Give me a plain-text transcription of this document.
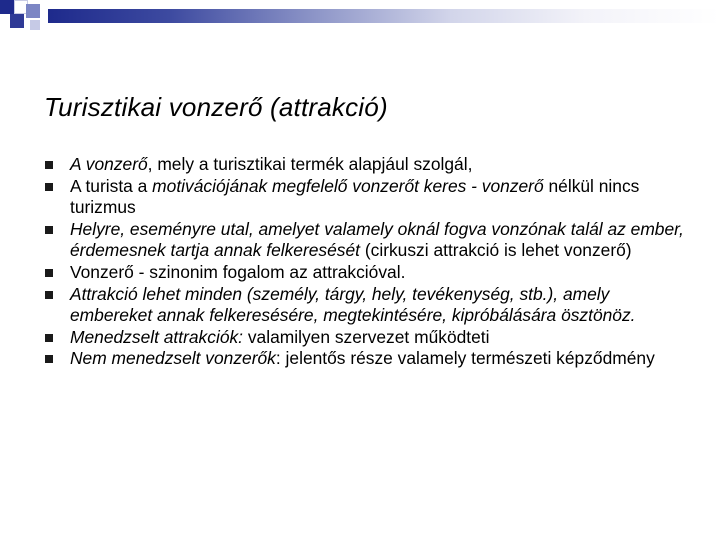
Turisztikai vonzerő (attrakció)
A vonzerő, mely a turisztikai termék alapjául szolgál,
A turista a motivációjának megfelelő vonzerőt keres - vonzerő nélkül nincs turizmus
Helyre, eseményre utal, amelyet valamely oknál fogva vonzónak talál az ember, érdemesnek tartja annak felkeresését (cirkuszi attrakció is lehet vonzerő)
Vonzerő - szinonim fogalom az attrakcióval.
Attrakció lehet minden (személy, tárgy, hely, tevékenység, stb.), amely embereket annak felkeresésére, megtekintésére, kipróbálására ösztönöz.
Menedzselt attrakciók: valamilyen szervezet működteti
Nem menedzselt vonzerők: jelentős része valamely természeti képződmény
